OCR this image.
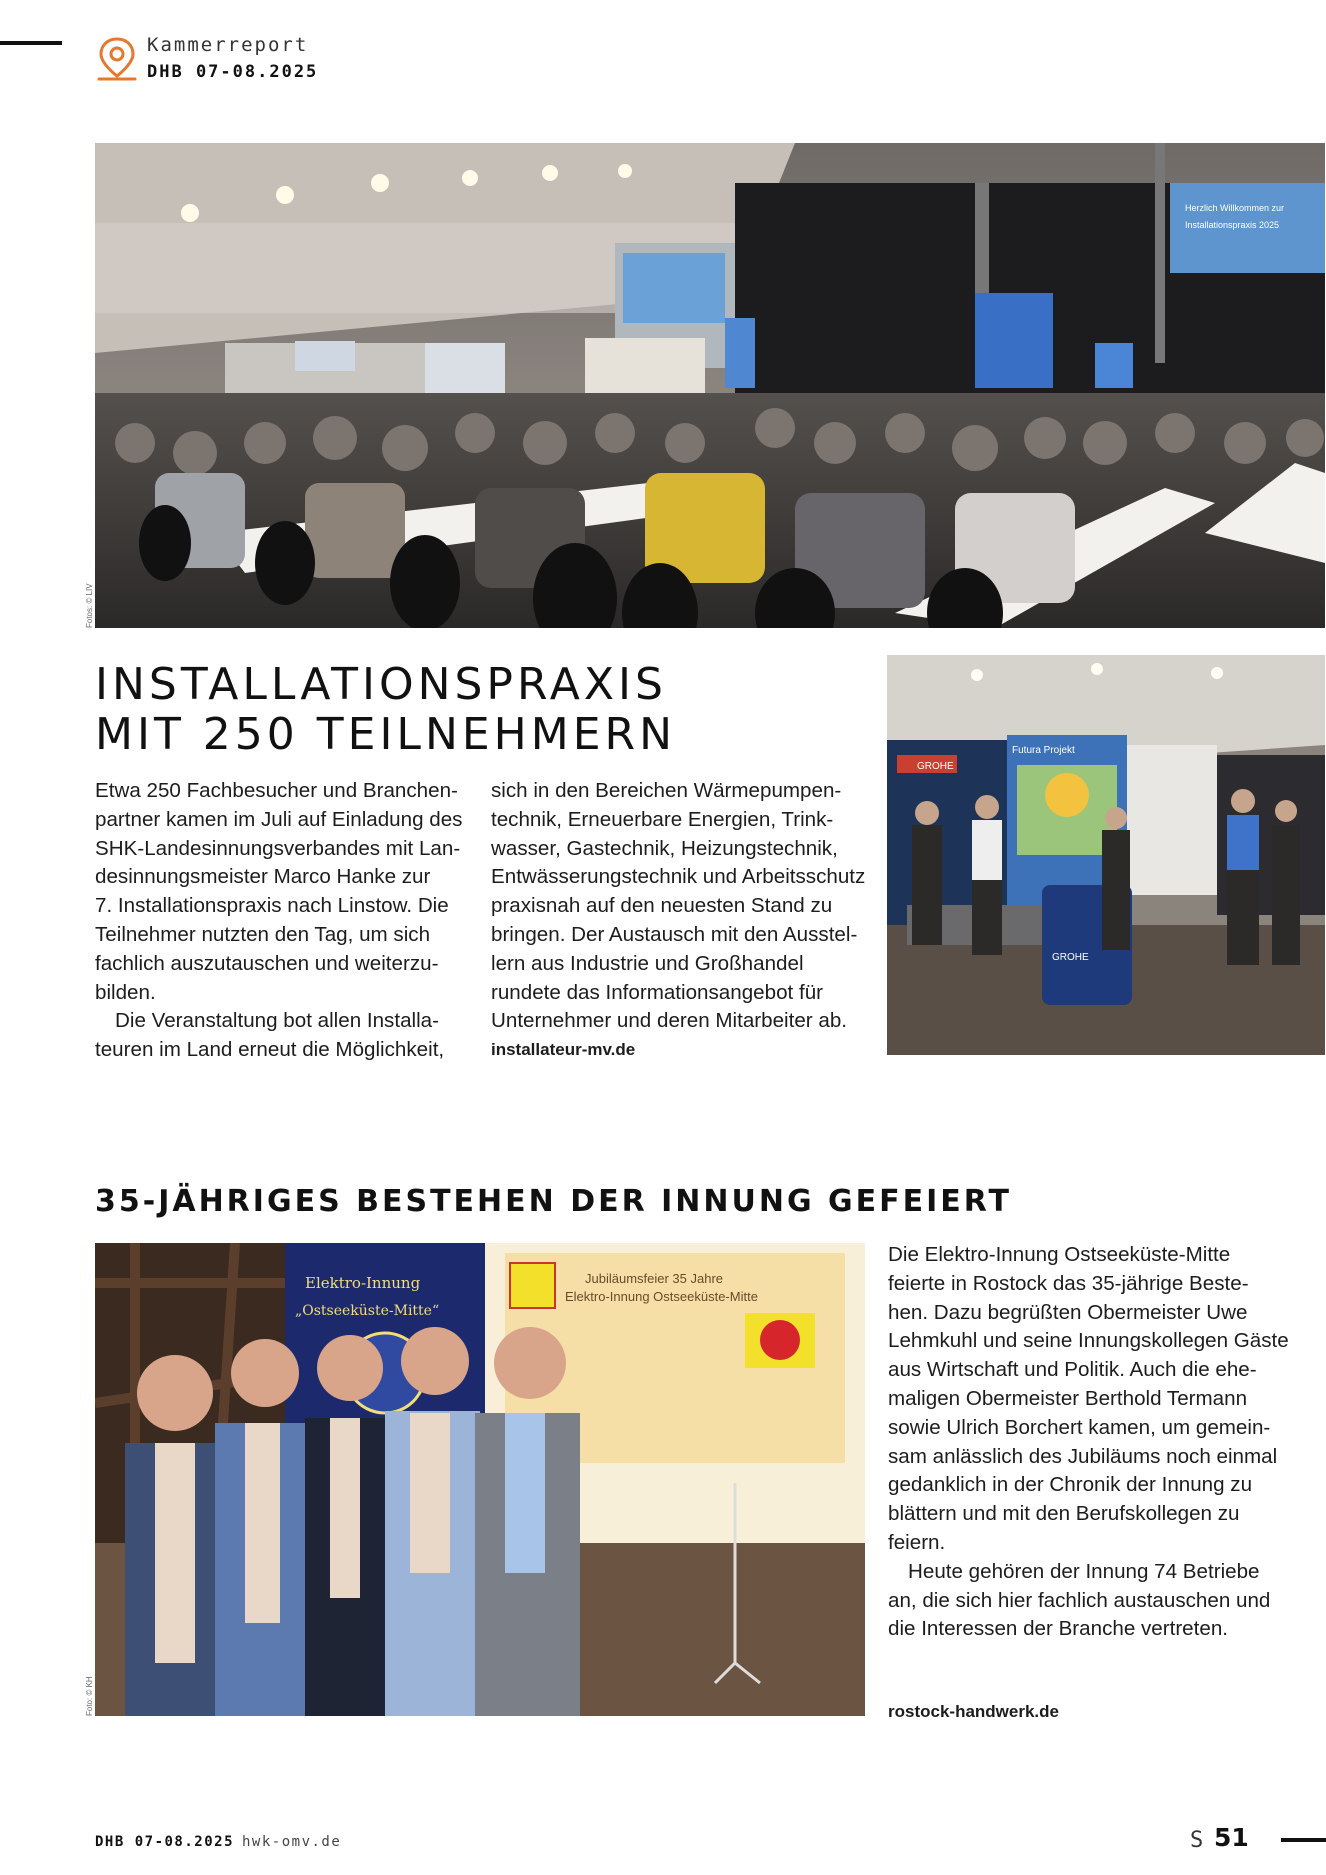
Kammerreport
DHB 07-08.2025
Herzlich Willkommen zur
Installationspraxis 2025
Fotos: © LIV
INSTALLATIONSPRAXIS
MIT 250 TEILNEHMERN

Etwa 250 Fachbesucher und Branchen-

partner kamen im Juli auf Einladung des

SHK-Landesinnungsverbandes mit Lan-

desinnungsmeister Marco Hanke zur

7. Installationspraxis nach Linstow. Die

Teilnehmer nutzten den Tag, um sich

fachlich auszutauschen und weiterzu-

bilden.

Die Veranstaltung bot allen Installa-

teuren im Land erneut die Möglichkeit,

sich in den Bereichen Wärmepumpen-

technik, Erneuerbare Energien, Trink-

wasser, Gastechnik, Heizungstechnik,

Entwässerungstechnik und Arbeitsschutz

praxisnah auf den neuesten Stand zu

bringen. Der Austausch mit den Ausstel-

lern aus Industrie und Großhandel

rundete das Informationsangebot für

Unternehmer und deren Mitarbeiter ab.

installateur-mv.de

GROHE
Futura Projekt
GROHE
35-JÄHRIGES BESTEHEN DER INNUNG GEFEIERT
Elektro-Innung
„Ostseeküste-Mitte“
Jubiläumsfeier 35 Jahre
Elektro-Innung Ostseeküste-Mitte
Foto: © KH

Die Elektro-Innung Ostseeküste-Mitte

feierte in Rostock das 35-jährige Beste-

hen. Dazu begrüßten Obermeister Uwe

Lehmkuhl und seine Innungskollegen Gäste

aus Wirtschaft und Politik. Auch die ehe-

maligen Obermeister Berthold Termann

sowie Ulrich Borchert kamen, um gemein-

sam anlässlich des Jubiläums noch einmal

gedanklich in der Chronik der Innung zu

blättern und mit den Berufskollegen zu

feiern.

Heute gehören der Innung 74 Betriebe

an, die sich hier fachlich austauschen und

die Interessen der Branche vertreten.

rostock-handwerk.de
DHB 07-08.2025 hwk-omv.de	S 51
